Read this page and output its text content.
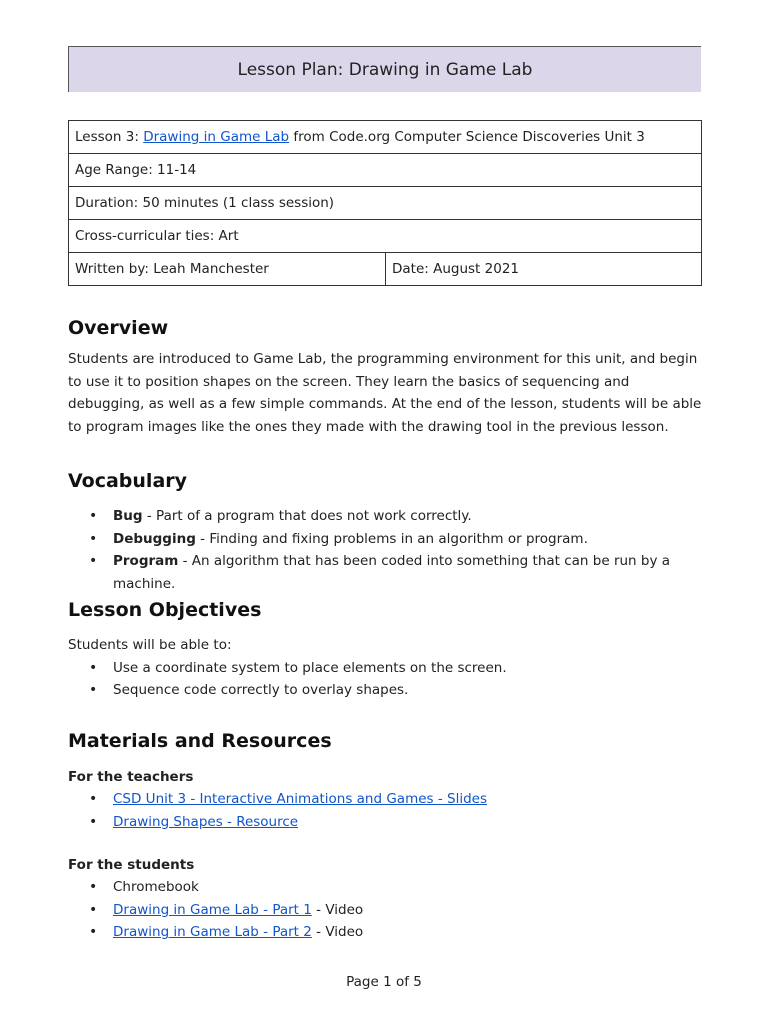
Lesson Plan: Drawing in Game Lab
Lesson 3: Drawing in Game Lab from Code.org Computer Science Discoveries Unit 3
Age Range: 11-14
Duration: 50 minutes (1 class session)
Cross-curricular ties: Art
Written by: Leah Manchester	Date: August 2021
Overview

Students are introduced to Game Lab, the programming environment for this unit, and begin to use it to position shapes on the screen. They learn the basics of sequencing and debugging, as well as a few simple commands. At the end of the lesson, students will be able to program images like the ones they made with the drawing tool in the previous lesson.

Vocabulary
• Bug - Part of a program that does not work correctly.
• Debugging - Finding and fixing problems in an algorithm or program.
• Program - An algorithm that has been coded into something that can be run by a machine.
Lesson Objectives

Students will be able to:

• Use a coordinate system to place elements on the screen.
• Sequence code correctly to overlay shapes.
Materials and Resources
For the teachers
• CSD Unit 3 - Interactive Animations and Games - Slides
• Drawing Shapes - Resource
For the students
• Chromebook
• Drawing in Game Lab - Part 1 - Video
• Drawing in Game Lab - Part 2 - Video
Page 1 of 5
